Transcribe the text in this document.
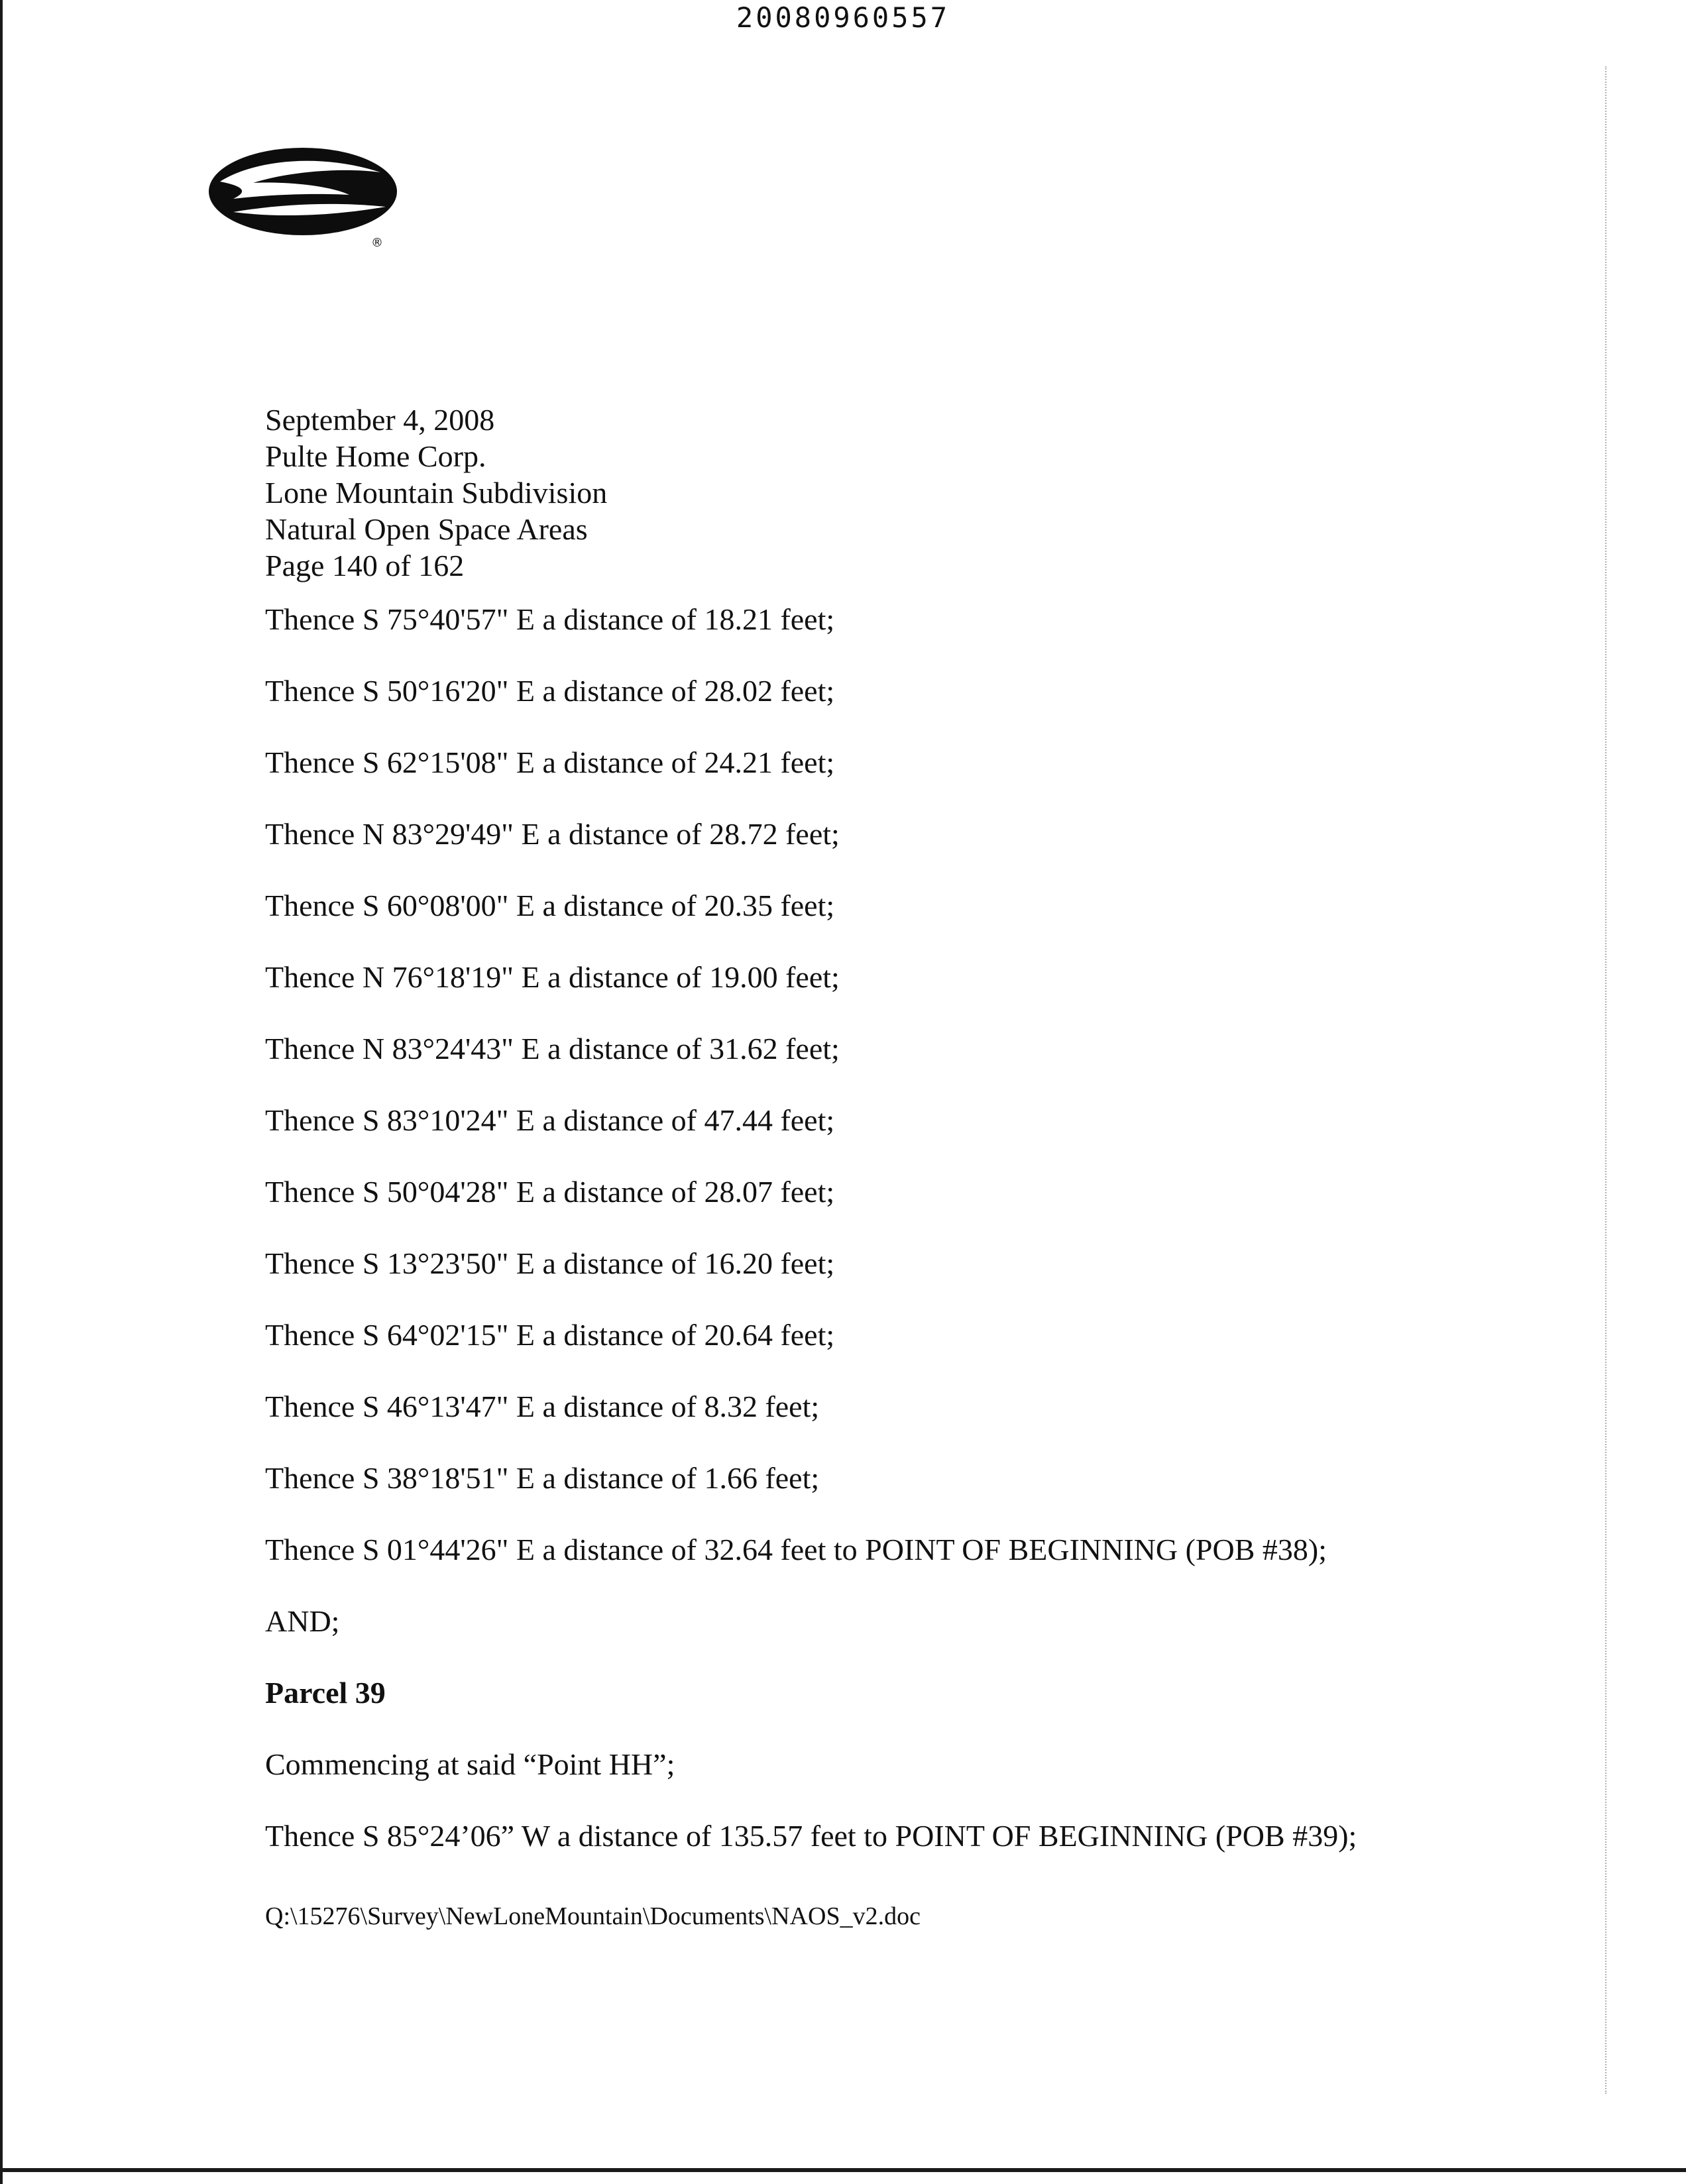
20080960557
®
September 4, 2008
Pulte Home Corp.
Lone Mountain Subdivision
Natural Open Space Areas
Page 140 of 162
Thence S 75°40'57" E a distance of 18.21 feet;
Thence S 50°16'20" E a distance of 28.02 feet;
Thence S 62°15'08" E a distance of 24.21 feet;
Thence N 83°29'49" E a distance of 28.72 feet;
Thence S 60°08'00" E a distance of 20.35 feet;
Thence N 76°18'19" E a distance of 19.00 feet;
Thence N 83°24'43" E a distance of 31.62 feet;
Thence S 83°10'24" E a distance of 47.44 feet;
Thence S 50°04'28" E a distance of 28.07 feet;
Thence S 13°23'50" E a distance of 16.20 feet;
Thence S 64°02'15" E a distance of 20.64 feet;
Thence S 46°13'47" E a distance of 8.32 feet;
Thence S 38°18'51" E a distance of 1.66 feet;
Thence S 01°44'26" E a distance of 32.64 feet to POINT OF BEGINNING (POB #38);
AND;
Parcel 39
Commencing at said “Point HH”;
Thence S 85°24’06” W a distance of 135.57 feet to POINT OF BEGINNING (POB #39);
Q:\15276\Survey\NewLoneMountain\Documents\NAOS_v2.doc
